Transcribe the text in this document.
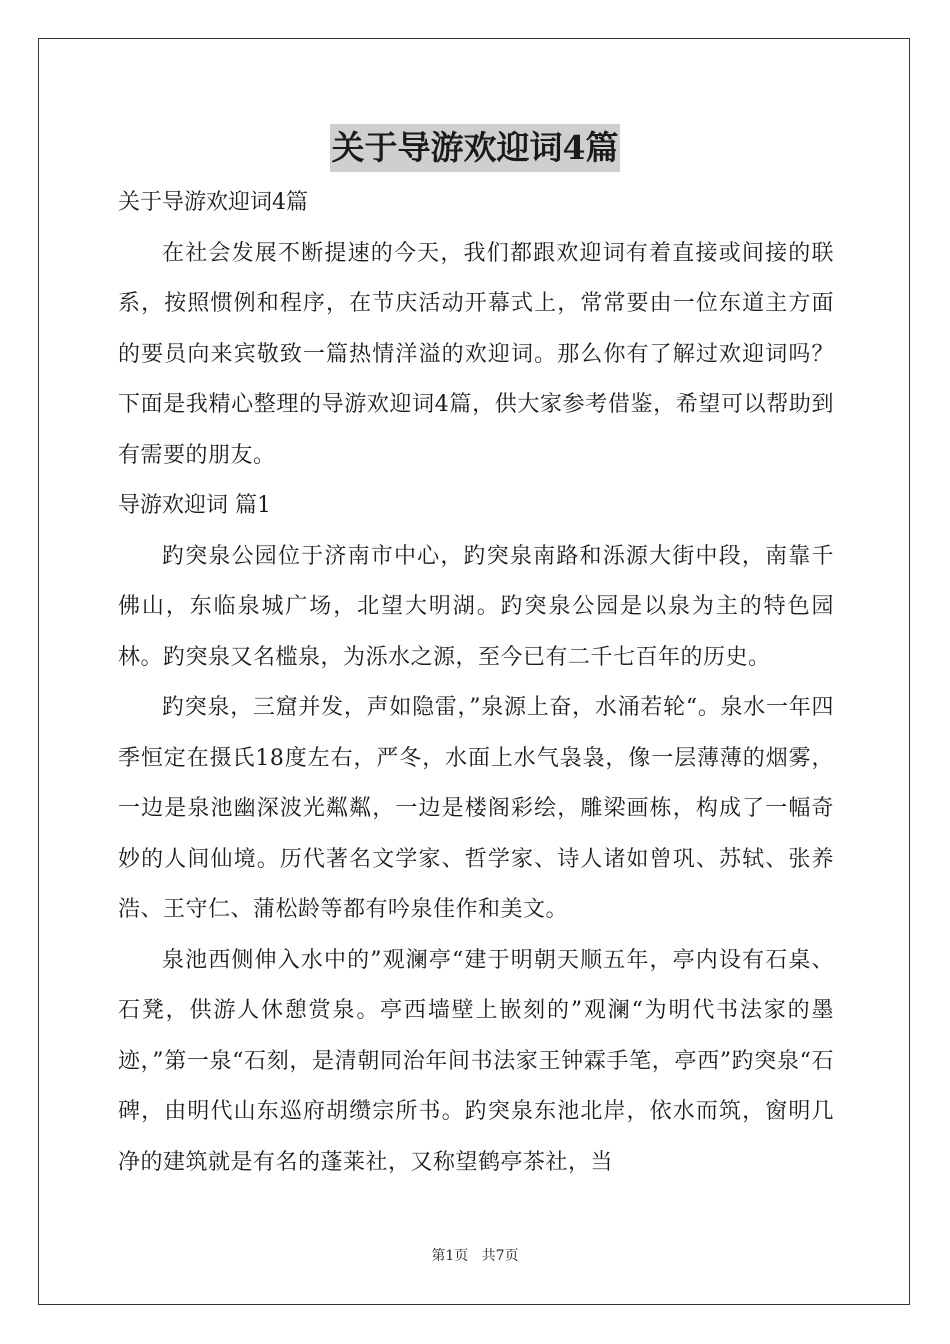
关于导游欢迎词4篇
关于导游欢迎词4篇

在社会发展不断提速的今天，我们都跟欢迎词有着直接或间接的联系，按照惯例和程序，在节庆活动开幕式上，常常要由一位东道主方面的要员向来宾敬致一篇热情洋溢的欢迎词。那么你有了解过欢迎词吗？下面是我精心整理的导游欢迎词4篇，供大家参考借鉴，希望可以帮助到有需要的朋友。

导游欢迎词 篇1

趵突泉公园位于济南市中心，趵突泉南路和泺源大街中段，南靠千佛山，东临泉城广场，北望大明湖。趵突泉公园是以泉为主的特色园林。趵突泉又名槛泉，为泺水之源，至今已有二千七百年的历史。

趵突泉，三窟并发，声如隐雷，”泉源上奋，水涌若轮“。泉水一年四季恒定在摄氏18度左右，严冬，水面上水气袅袅，像一层薄薄的烟雾，一边是泉池幽深波光粼粼，一边是楼阁彩绘，雕梁画栋，构成了一幅奇妙的人间仙境。历代著名文学家、哲学家、诗人诸如曾巩、苏轼、张养浩、王守仁、蒲松龄等都有吟泉佳作和美文。

泉池西侧伸入水中的”观澜亭“建于明朝天顺五年，亭内设有石桌、石凳，供游人休憩赏泉。亭西墙壁上嵌刻的”观澜“为明代书法家的墨迹，”第一泉“石刻，是清朝同治年间书法家王钟霖手笔，亭西”趵突泉“石碑，由明代山东巡府胡缵宗所书。趵突泉东池北岸，依水而筑，窗明几净的建筑就是有名的蓬莱社，又称望鹤亭茶社，当

第1页 共7页
